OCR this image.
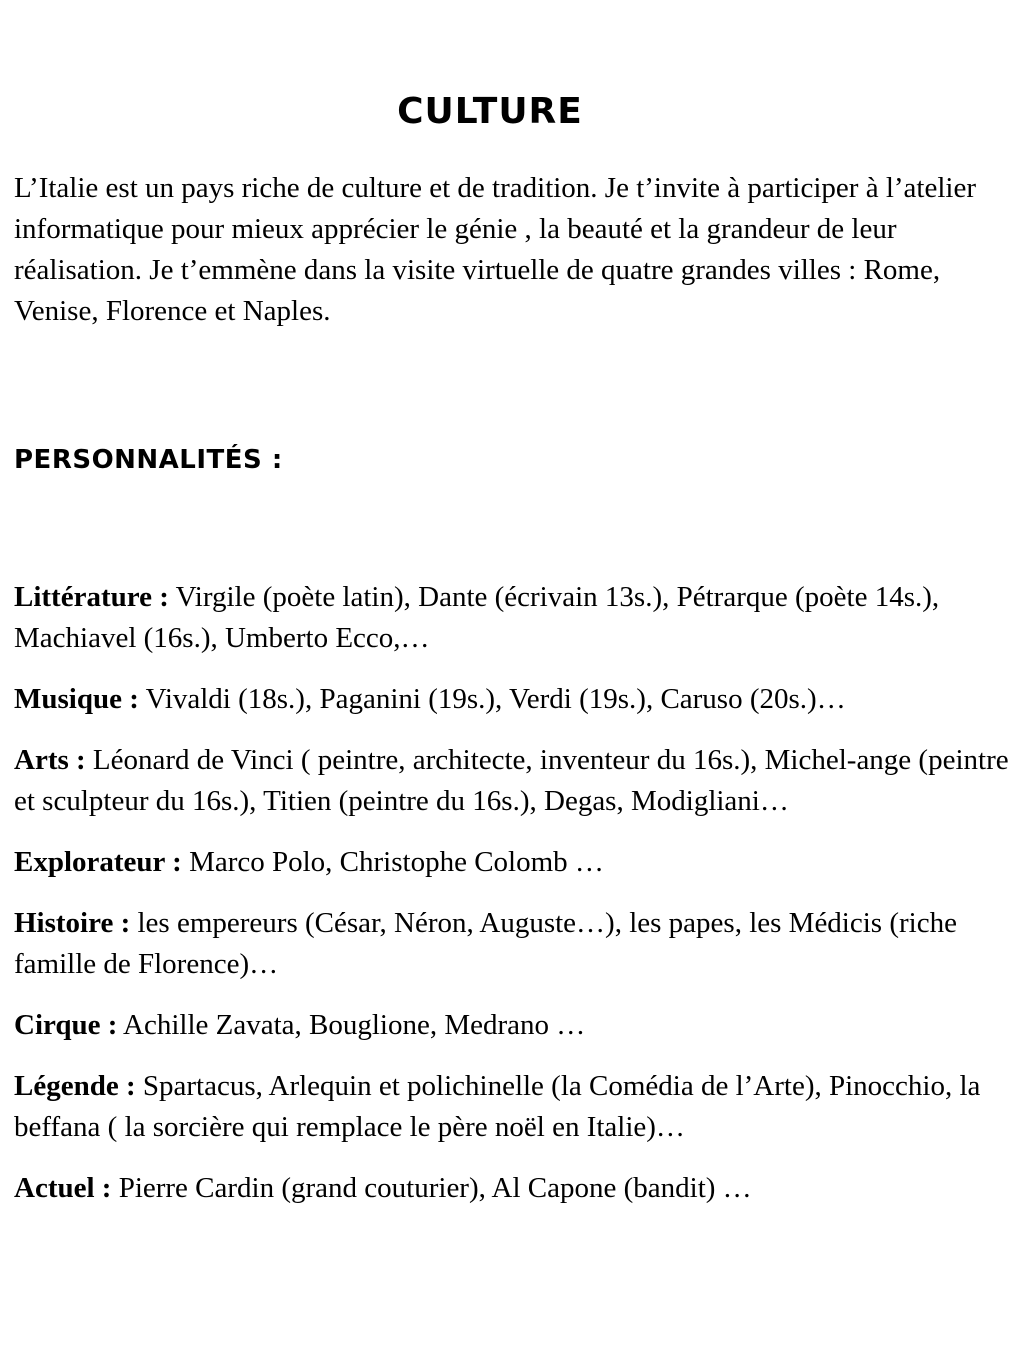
CULTURE

L’Italie est un pays riche de culture et de tradition. Je t’invite à participer à l’atelier informatique pour mieux apprécier le génie , la beauté et la grandeur de leur réalisation. Je t’emmène dans la visite virtuelle de quatre grandes villes : Rome, Venise, Florence et Naples.

PERSONNALITÉS :
Littérature : Virgile (poète latin), Dante (écrivain 13s.), Pétrarque (poète 14s.), Machiavel (16s.), Umberto Ecco,…
Musique : Vivaldi (18s.), Paganini (19s.), Verdi (19s.), Caruso (20s.)…
Arts : Léonard de Vinci ( peintre, architecte, inventeur du 16s.), Michel-ange (peintre et sculpteur du 16s.), Titien (peintre du 16s.), Degas, Modigliani…
Explorateur : Marco Polo, Christophe Colomb …
Histoire : les empereurs (César, Néron, Auguste…), les papes, les Médicis (riche famille de Florence)…
Cirque : Achille Zavata, Bouglione, Medrano …
Légende : Spartacus, Arlequin et polichinelle (la Comédia de l’Arte), Pinocchio, la beffana ( la sorcière qui remplace le père noël en Italie)…
Actuel : Pierre Cardin (grand couturier), Al Capone (bandit) …
